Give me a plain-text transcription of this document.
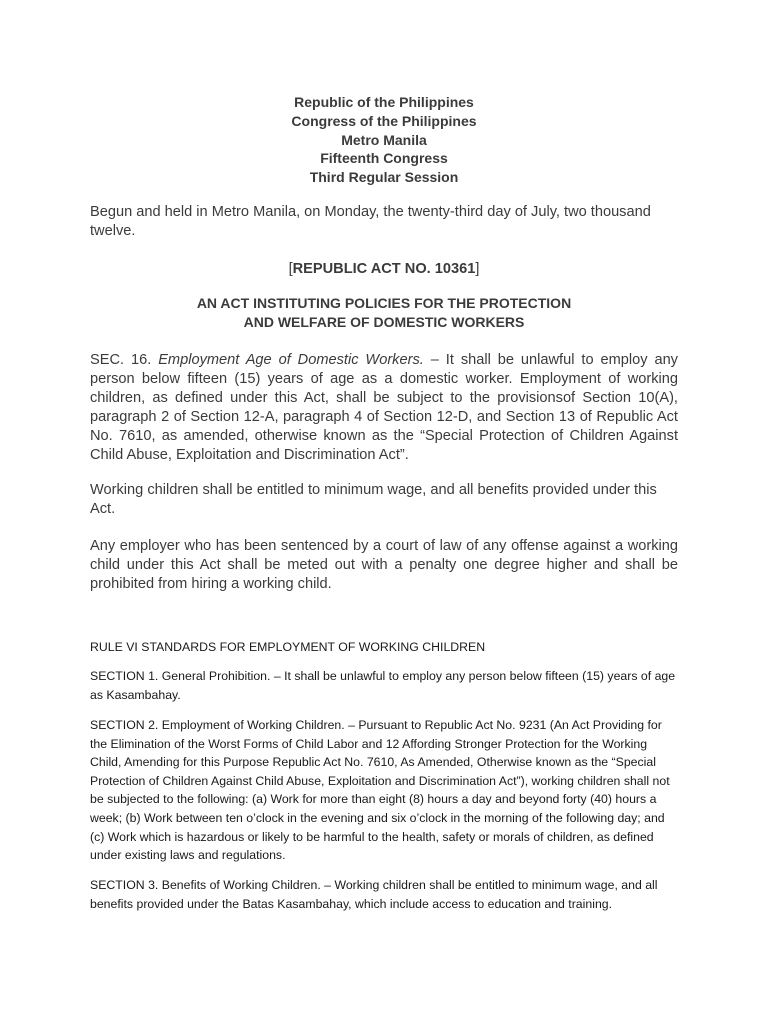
Republic of the Philippines
Congress of the Philippines
Metro Manila
Fifteenth Congress
Third Regular Session

Begun and held in Metro Manila, on Monday, the twenty-third day of July, two thousand twelve.

[REPUBLIC ACT NO. 10361]
AN ACT INSTITUTING POLICIES FOR THE PROTECTION
AND WELFARE OF DOMESTIC WORKERS

SEC. 16. Employment Age of Domestic Workers. – It shall be unlawful to employ any person below fifteen (15) years of age as a domestic worker. Employment of working children, as defined under this Act, shall be subject to the provisionsof Section 10(A), paragraph 2 of Section 12-A, paragraph 4 of Section 12-D, and Section 13 of Republic Act No. 7610, as amended, otherwise known as the “Special Protection of Children Against Child Abuse, Exploitation and Discrimination Act”.

Working children shall be entitled to minimum wage, and all benefits provided under this Act.

Any employer who has been sentenced by a court of law of any offense against a working child under this Act shall be meted out with a penalty one degree higher and shall be prohibited from hiring a working child.

RULE VI STANDARDS FOR EMPLOYMENT OF WORKING CHILDREN

SECTION 1. General Prohibition. – It shall be unlawful to employ any person below fifteen (15) years of age as Kasambahay.

SECTION 2. Employment of Working Children. – Pursuant to Republic Act No. 9231 (An Act Providing for the Elimination of the Worst Forms of Child Labor and 12 Affording Stronger Protection for the Working Child, Amending for this Purpose Republic Act No. 7610, As Amended, Otherwise known as the “Special Protection of Children Against Child Abuse, Exploitation and Discrimination Act”), working children shall not be subjected to the following: (a) Work for more than eight (8) hours a day and beyond forty (40) hours a week; (b) Work between ten o’clock in the evening and six o’clock in the morning of the following day; and (c) Work which is hazardous or likely to be harmful to the health, safety or morals of children, as defined under existing laws and regulations.

SECTION 3. Benefits of Working Children. – Working children shall be entitled to minimum wage, and all benefits provided under the Batas Kasambahay, which include access to education and training.
